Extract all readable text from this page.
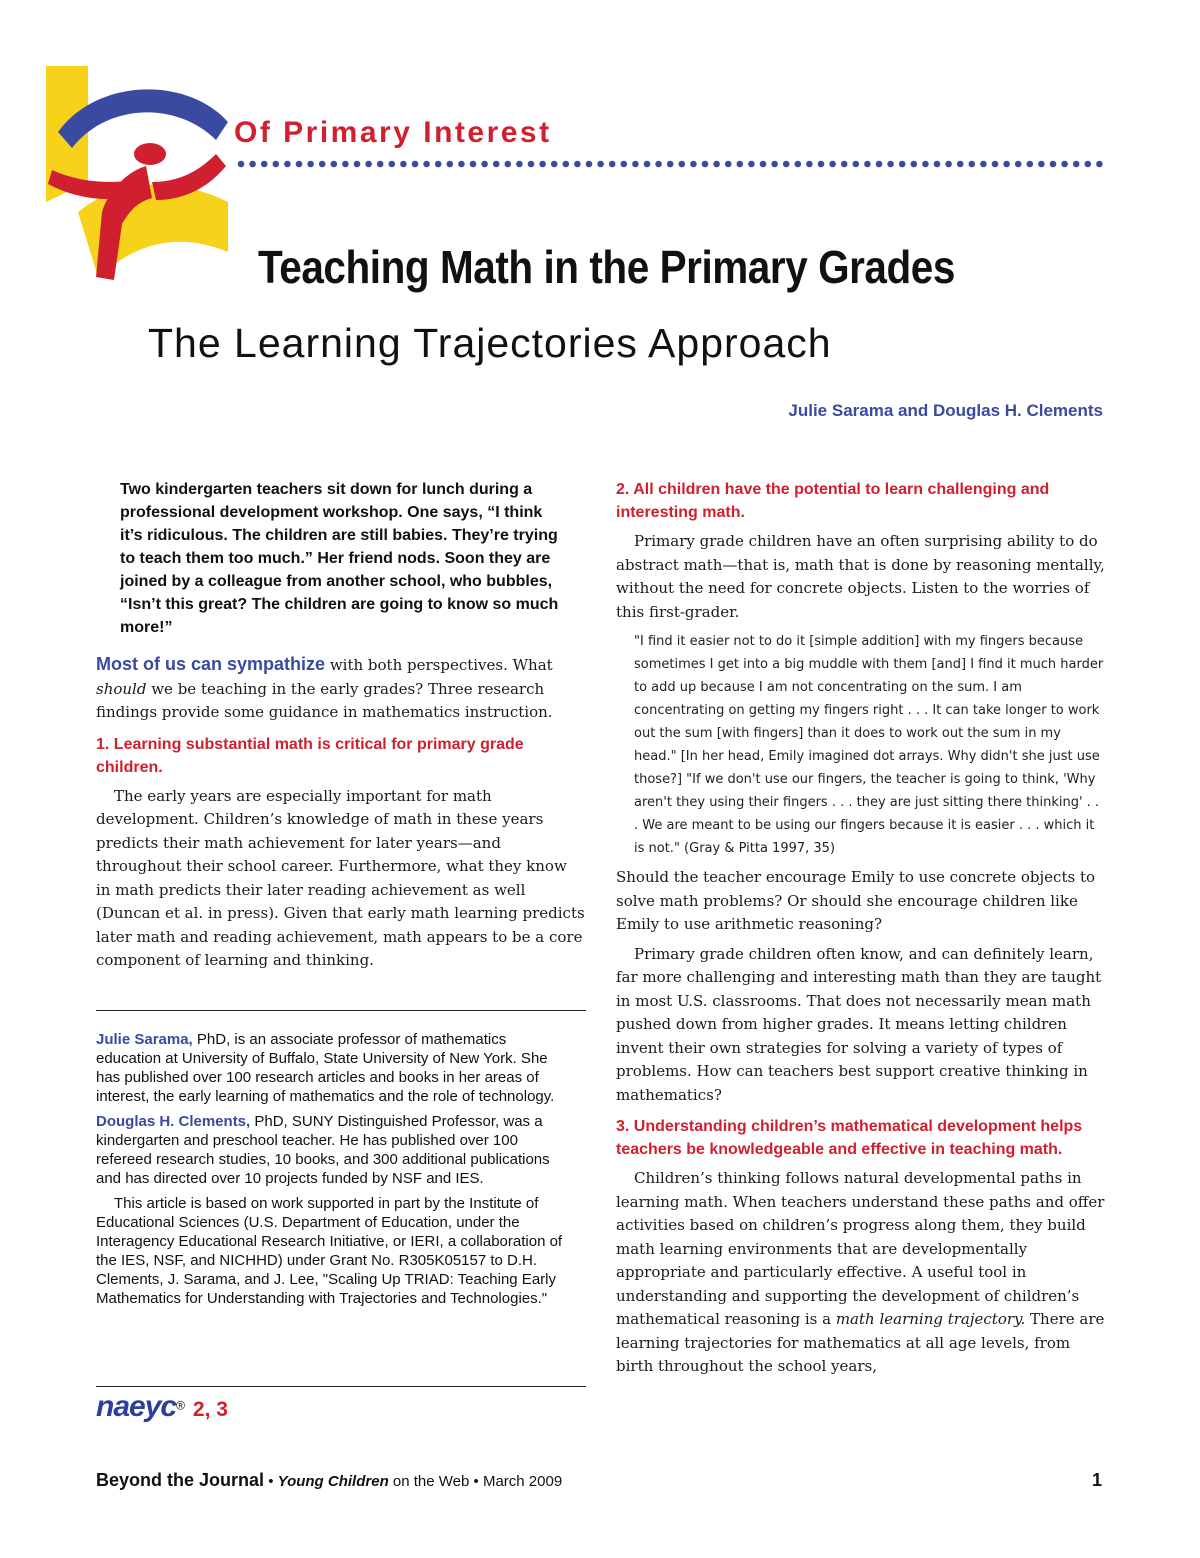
Of Primary Interest
Teaching Math in the Primary Grades
The Learning Trajectories Approach
Julie Sarama and Douglas H. Clements
Two kindergarten teachers sit down for lunch during a professional development workshop. One says, “I think it’s ridiculous. The children are still babies. They’re trying to teach them too much.” Her friend nods. Soon they are joined by a colleague from another school, who bubbles, “Isn’t this great? The children are going to know so much more!”

Most of us can sympathize with both perspectives. What should we be teaching in the early grades? Three research findings provide some guidance in mathematics instruction.

1. Learning substantial math is critical for primary grade children.

The early years are especially important for math development. Children’s knowledge of math in these years predicts their math achievement for later years—and throughout their school career. Furthermore, what they know in math predicts their later reading achievement as well (Duncan et al. in press). Given that early math learning predicts later math and reading achievement, math appears to be a core component of learning and thinking.

Julie Sarama, PhD, is an associate professor of mathematics education at University of Buffalo, State University of New York. She has published over 100 research articles and books in her areas of interest, the early learning of mathematics and the role of technology.

Douglas H. Clements, PhD, SUNY Distinguished Professor, was a kindergarten and preschool teacher. He has published over 100 refereed research studies, 10 books, and 300 additional publications and has directed over 10 projects funded by NSF and IES.

This article is based on work supported in part by the Institute of Educational Sciences (U.S. Department of Education, under the Interagency Educational Research Initiative, or IERI, a collaboration of the IES, NSF, and NICHHD) under Grant No. R305K05157 to D.H. Clements, J. Sarama, and J. Lee, "Scaling Up TRIAD: Teaching Early Mathematics for Understanding with Trajectories and Technologies."

naeyc® 2, 3
2. All children have the potential to learn challenging and interesting math.

Primary grade children have an often surprising ability to do abstract math—that is, math that is done by reasoning mentally, without the need for concrete objects. Listen to the worries of this first-grader.

"I find it easier not to do it [simple addition] with my fingers because sometimes I get into a big muddle with them [and] I find it much harder to add up because I am not concentrating on the sum. I am concentrating on getting my fingers right . . . It can take longer to work out the sum [with fingers] than it does to work out the sum in my head." [In her head, Emily imagined dot arrays. Why didn't she just use those?] "If we don't use our fingers, the teacher is going to think, 'Why aren't they using their fingers . . . they are just sitting there thinking' . . . We are meant to be using our fingers because it is easier . . . which it is not." (Gray & Pitta 1997, 35)

Should the teacher encourage Emily to use concrete objects to solve math problems? Or should she encourage children like Emily to use arithmetic reasoning?

Primary grade children often know, and can definitely learn, far more challenging and interesting math than they are taught in most U.S. classrooms. That does not necessarily mean math pushed down from higher grades. It means letting children invent their own strategies for solving a variety of types of problems. How can teachers best support creative thinking in mathematics?

3. Understanding children’s mathematical development helps teachers be knowledgeable and effective in teaching math.

Children’s thinking follows natural developmental paths in learning math. When teachers understand these paths and offer activities based on children’s progress along them, they build math learning environments that are developmentally appropriate and particularly effective. A useful tool in understanding and supporting the development of children’s mathematical reasoning is a math learning trajectory. There are learning trajectories for mathematics at all age levels, from birth throughout the school years,

Beyond the Journal • Young Children on the Web • March 2009	1
